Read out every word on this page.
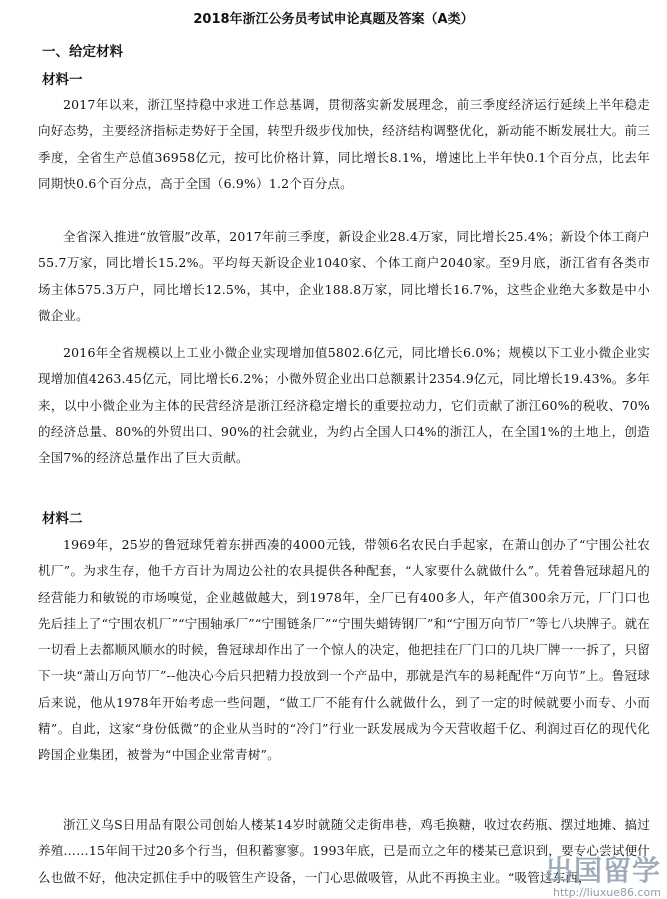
2018年浙江公务员考试申论真题及答案（A类）
一、给定材料
材料一

2017年以来，浙江坚持稳中求进工作总基调，贯彻落实新发展理念，前三季度经济运行延续上半年稳走向好态势，主要经济指标走势好于全国，转型升级步伐加快，经济结构调整优化，新动能不断发展壮大。前三季度，全省生产总值36958亿元，按可比价格计算，同比增长8.1%，增速比上半年快0.1个百分点，比去年同期快0.6个百分点，高于全国（6.9%）1.2个百分点。

全省深入推进“放管服”改革，2017年前三季度，新设企业28.4万家，同比增长25.4%；新设个体工商户55.7万家，同比增长15.2%。平均每天新设企业1040家、个体工商户2040家。至9月底，浙江省有各类市场主体575.3万户，同比增长12.5%，其中，企业188.8万家，同比增长16.7%，这些企业绝大多数是中小微企业。

2016年全省规模以上工业小微企业实现增加值5802.6亿元，同比增长6.0%；规模以下工业小微企业实现增加值4263.45亿元，同比增长6.2%；小微外贸企业出口总额累计2354.9亿元，同比增长19.43%。多年来，以中小微企业为主体的民营经济是浙江经济稳定增长的重要拉动力，它们贡献了浙江60%的税收、70%的经济总量、80%的外贸出口、90%的社会就业，为约占全国人口4%的浙江人，在全国1%的土地上，创造全国7%的经济总量作出了巨大贡献。

材料二

1969年，25岁的鲁冠球凭着东拼西凑的4000元钱，带领6名农民白手起家，在萧山创办了“宁围公社农机厂”。为求生存，他千方百计为周边公社的农具提供各种配套，“人家要什么就做什么”。凭着鲁冠球超凡的经营能力和敏锐的市场嗅觉，企业越做越大，到1978年，全厂已有400多人，年产值300余万元，厂门口也先后挂上了“宁围农机厂”“宁围轴承厂”“宁围链条厂”“宁围失蜡铸钢厂”和“宁围万向节厂”等七八块牌子。就在一切看上去都顺风顺水的时候，鲁冠球却作出了一个惊人的决定，他把挂在厂门口的几块厂牌一一拆了，只留下一块“萧山万向节厂”--他决心今后只把精力投放到一个产品中，那就是汽车的易耗配件“万向节”上。鲁冠球后来说，他从1978年开始考虑一些问题，“做工厂不能有什么就做什么，到了一定的时候就要小而专、小而精”。自此，这家“身份低微”的企业从当时的“冷门”行业一跃发展成为今天营收超千亿、利润过百亿的现代化跨国企业集团，被誉为“中国企业常青树”。

浙江义乌S日用品有限公司创始人楼某14岁时就随父走街串巷，鸡毛换糖，收过农药瓶、摆过地摊、搞过养殖……15年间干过20多个行当，但积蓄寥寥。1993年底，已是而立之年的楼某已意识到，要专心尝试便什么也做不好，他决定抓住手中的吸管生产设备，一门心思做吸管，从此不再换主业。“吸管这东西，

出国留学
http://liuxue86.com
